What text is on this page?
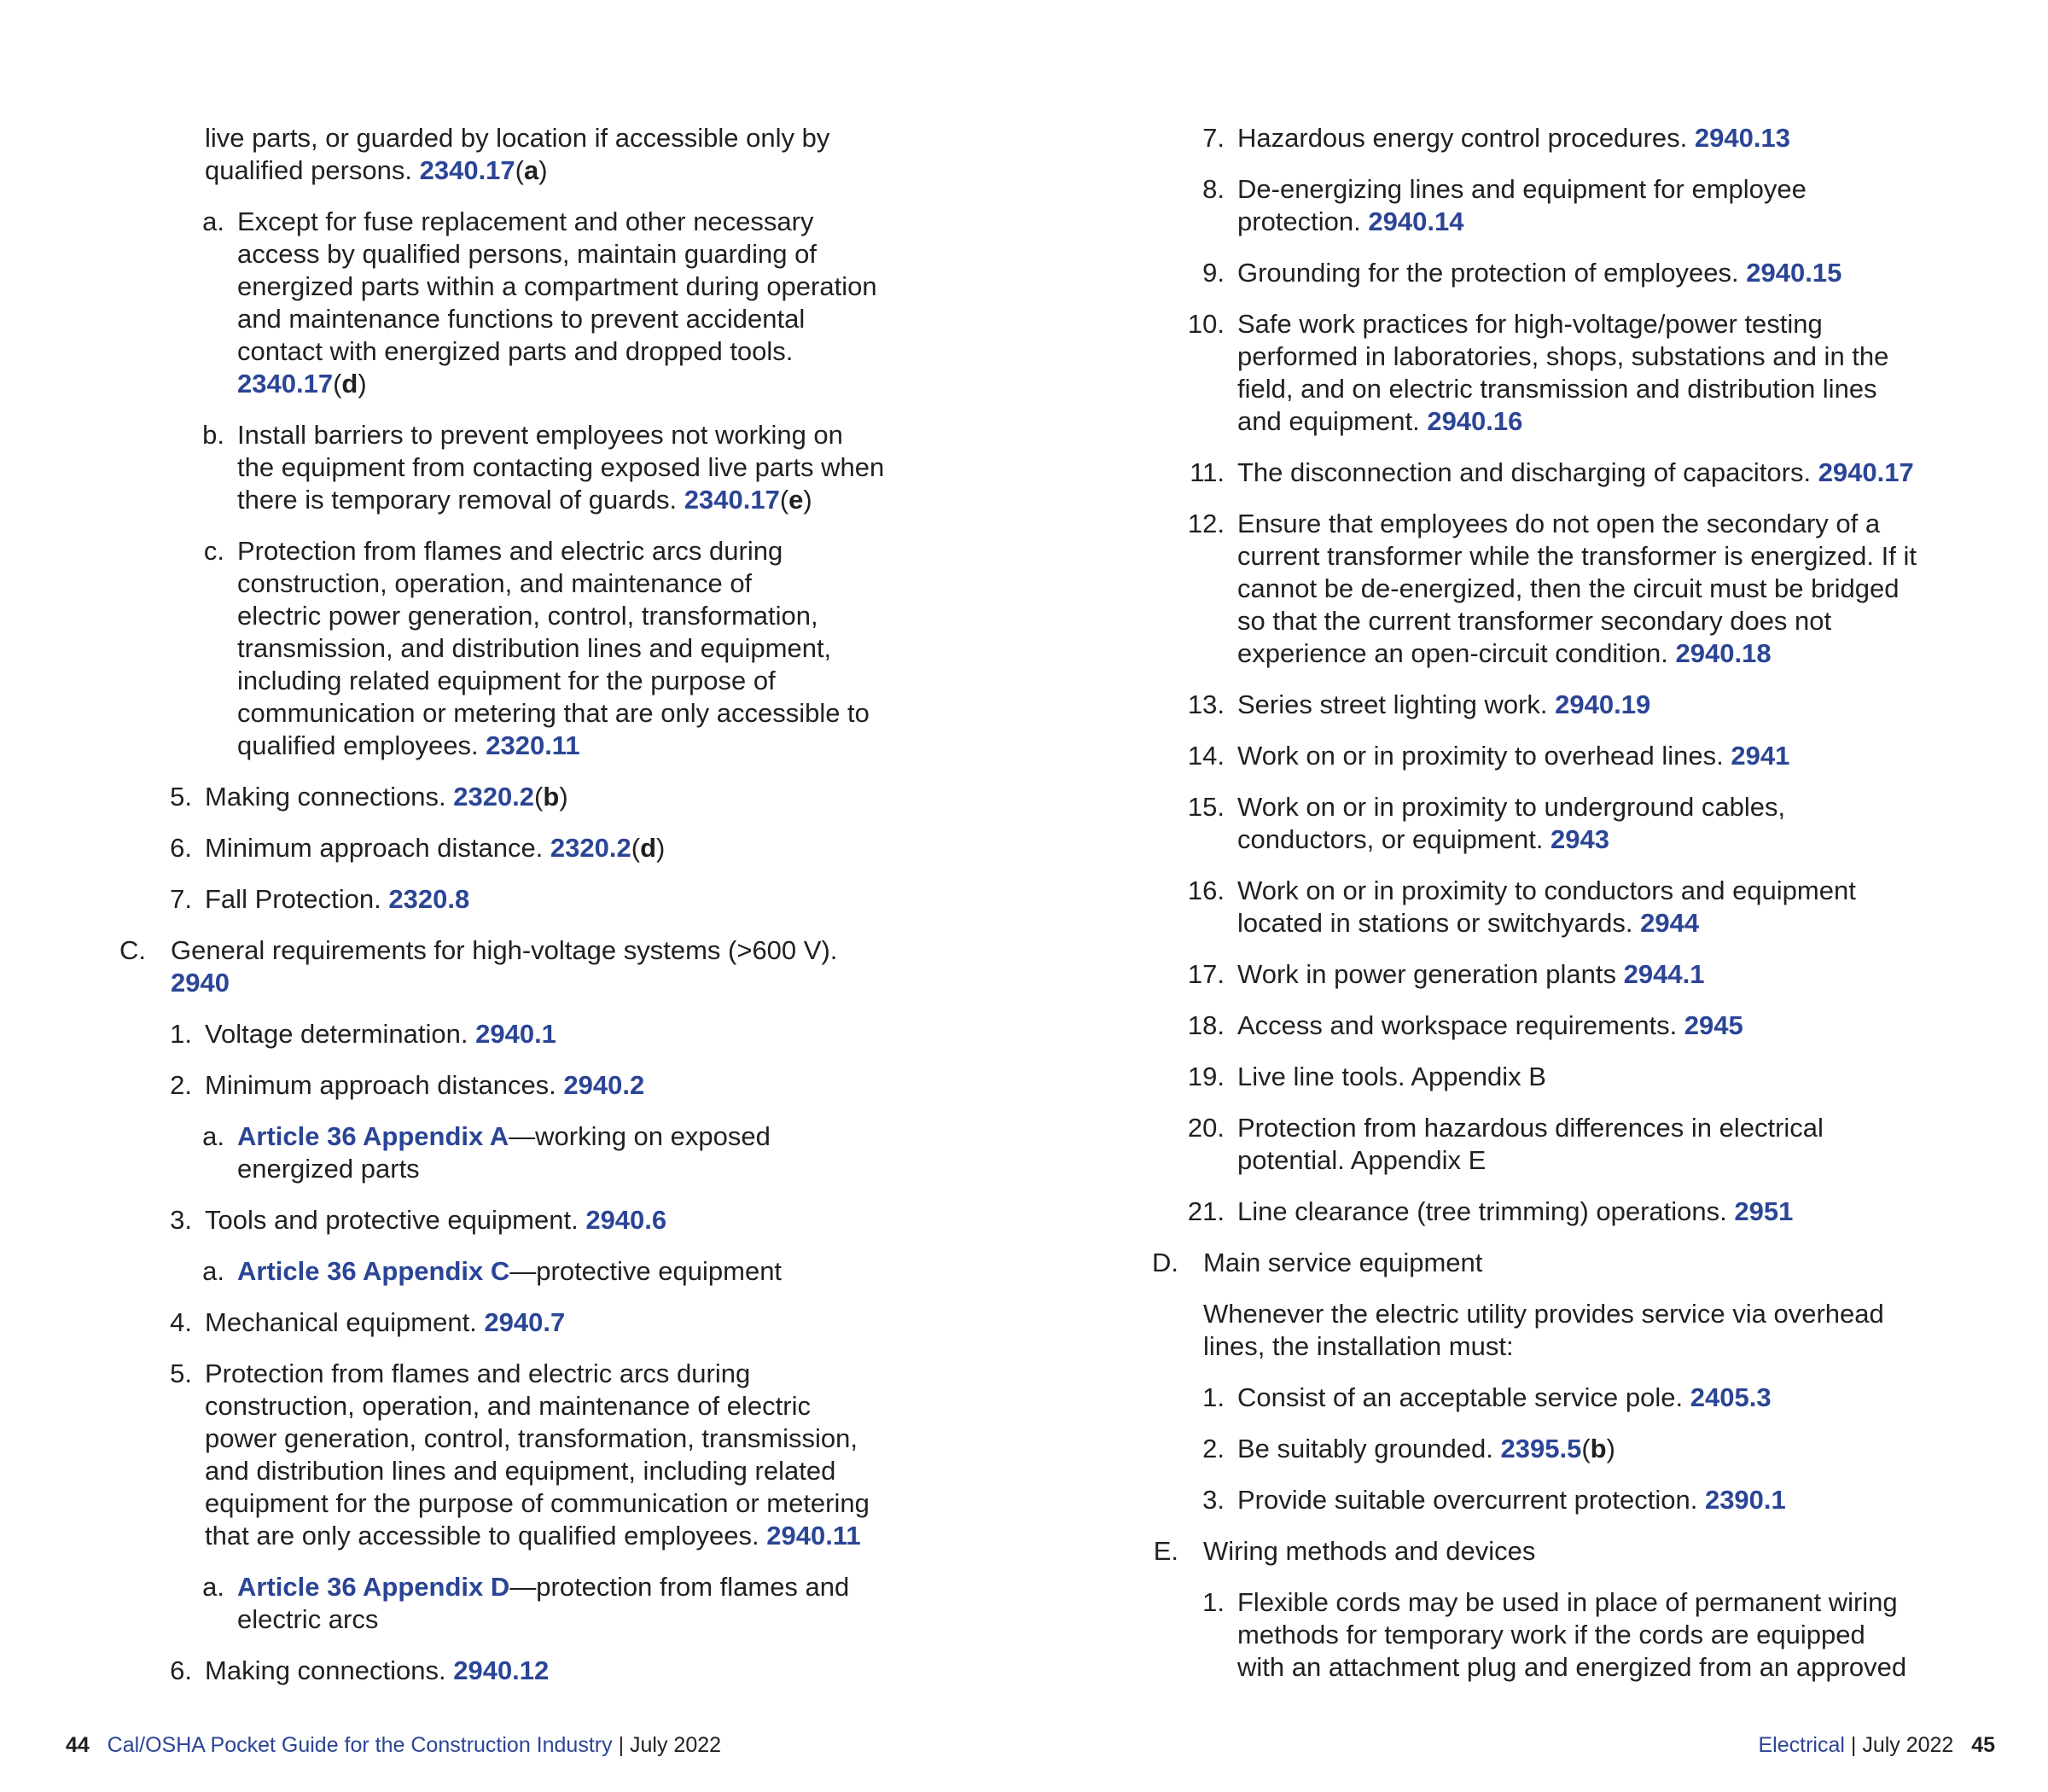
live parts, or guarded by location if accessible only by
qualified persons. 2340.17(a)
a. Except for fuse replacement and other necessary
access by qualified persons, maintain guarding of
energized parts within a compartment during operation
and maintenance functions to prevent accidental
contact with energized parts and dropped tools.
2340.17(d)
b. Install barriers to prevent employees not working on
the equipment from contacting exposed live parts when
there is temporary removal of guards. 2340.17(e)
c. Protection from flames and electric arcs during
construction, operation, and maintenance of
electric power generation, control, transformation,
transmission, and distribution lines and equipment,
including related equipment for the purpose of
communication or metering that are only accessible to
qualified employees. 2320.11
5. Making connections. 2320.2(b)
6. Minimum approach distance. 2320.2(d)
7. Fall Protection. 2320.8
C. General requirements for high-voltage systems (>600 V).
2940
1. Voltage determination. 2940.1
2. Minimum approach distances. 2940.2
a. Article 36 Appendix A—working on exposed
energized parts
3. Tools and protective equipment. 2940.6
a. Article 36 Appendix C—protective equipment
4. Mechanical equipment. 2940.7
5. Protection from flames and electric arcs during
construction, operation, and maintenance of electric
power generation, control, transformation, transmission,
and distribution lines and equipment, including related
equipment for the purpose of communication or metering
that are only accessible to qualified employees. 2940.11
a. Article 36 Appendix D—protection from flames and
electric arcs
6. Making connections. 2940.12
7. Hazardous energy control procedures. 2940.13
8. De-energizing lines and equipment for employee
protection. 2940.14
9. Grounding for the protection of employees. 2940.15
10. Safe work practices for high-voltage/power testing
performed in laboratories, shops, substations and in the
field, and on electric transmission and distribution lines
and equipment. 2940.16
11. The disconnection and discharging of capacitors. 2940.17
12. Ensure that employees do not open the secondary of a
current transformer while the transformer is energized. If it
cannot be de-energized, then the circuit must be bridged
so that the current transformer secondary does not
experience an open-circuit condition. 2940.18
13. Series street lighting work. 2940.19
14. Work on or in proximity to overhead lines. 2941
15. Work on or in proximity to underground cables,
conductors, or equipment. 2943
16. Work on or in proximity to conductors and equipment
located in stations or switchyards. 2944
17. Work in power generation plants 2944.1
18. Access and workspace requirements. 2945
19. Live line tools. Appendix B
20. Protection from hazardous differences in electrical
potential. Appendix E
21. Line clearance (tree trimming) operations. 2951
D. Main service equipment
Whenever the electric utility provides service via overhead
lines, the installation must:
1. Consist of an acceptable service pole. 2405.3
2. Be suitably grounded. 2395.5(b)
3. Provide suitable overcurrent protection. 2390.1
E. Wiring methods and devices
1. Flexible cords may be used in place of permanent wiring
methods for temporary work if the cords are equipped
with an attachment plug and energized from an approved
44 Cal/OSHA Pocket Guide for the Construction Industry | July 2022	Electrical | July 2022 45
